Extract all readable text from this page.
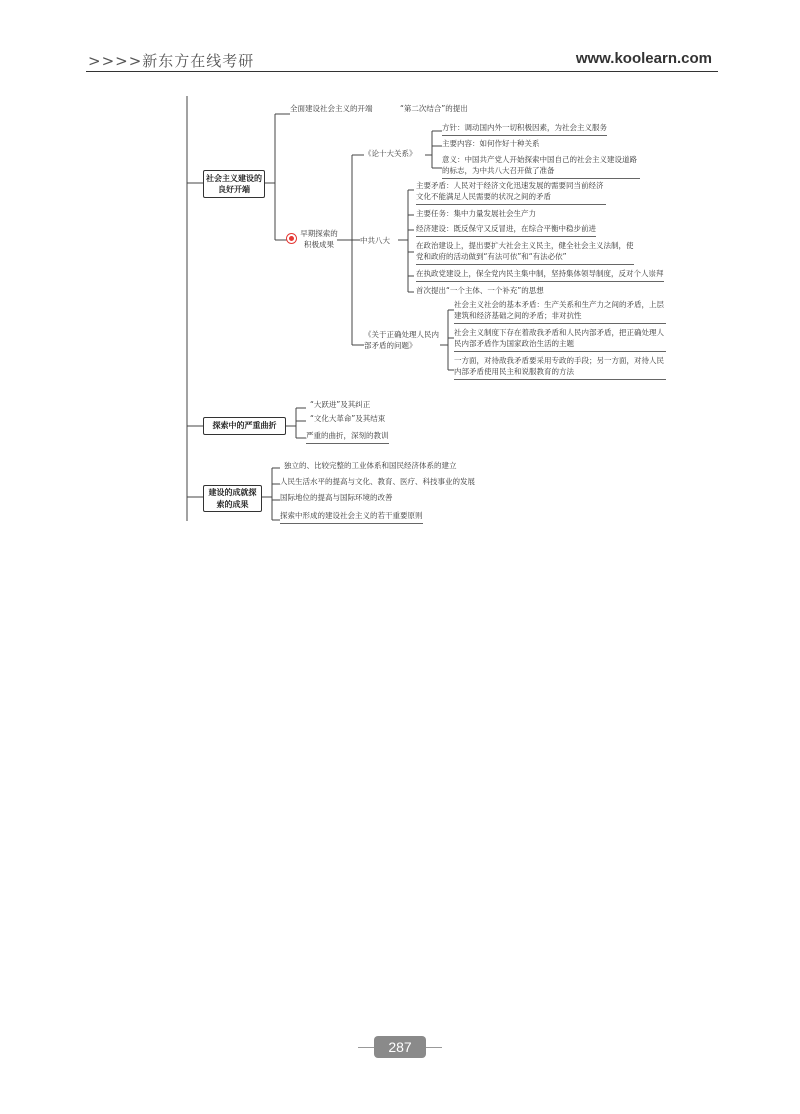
>>>>新东方在线考研	www.koolearn.com
社会主义建设的良好开端
全面建设社会主义的开端	“第二次结合”的提出
早期探索的积极成果
《论十大关系》
方针：调动国内外一切积极因素，为社会主义服务
主要内容：如何作好十种关系
意义：中国共产党人开始探索中国自己的社会主义建设道路的标志，为中共八大召开做了准备
中共八大
主要矛盾：人民对于经济文化迅速发展的需要同当前经济文化不能满足人民需要的状况之间的矛盾
主要任务：集中力量发展社会生产力
经济建设：既反保守又反冒进，在综合平衡中稳步前进
在政治建设上，提出要扩大社会主义民主，健全社会主义法制，使党和政府的活动做到“有法可依”和“有法必依”
在执政党建设上，保全党内民主集中制，坚持集体领导制度，反对个人崇拜
首次提出“一个主体、一个补充”的思想
《关于正确处理人民内部矛盾的问题》
社会主义社会的基本矛盾：生产关系和生产力之间的矛盾，上层建筑和经济基础之间的矛盾；非对抗性
社会主义制度下存在着敌我矛盾和人民内部矛盾，把正确处理人民内部矛盾作为国家政治生活的主题
一方面，对待敌我矛盾要采用专政的手段；另一方面，对待人民内部矛盾使用民主和说服教育的方法
探索中的严重曲折
“大跃进”及其纠正
“文化大革命”及其结束
严重的曲折，深刻的教训
建设的成就探索的成果
独立的、比较完整的工业体系和国民经济体系的建立
人民生活水平的提高与文化、教育、医疗、科技事业的发展
国际地位的提高与国际环境的改善
探索中形成的建设社会主义的若干重要原则
287
